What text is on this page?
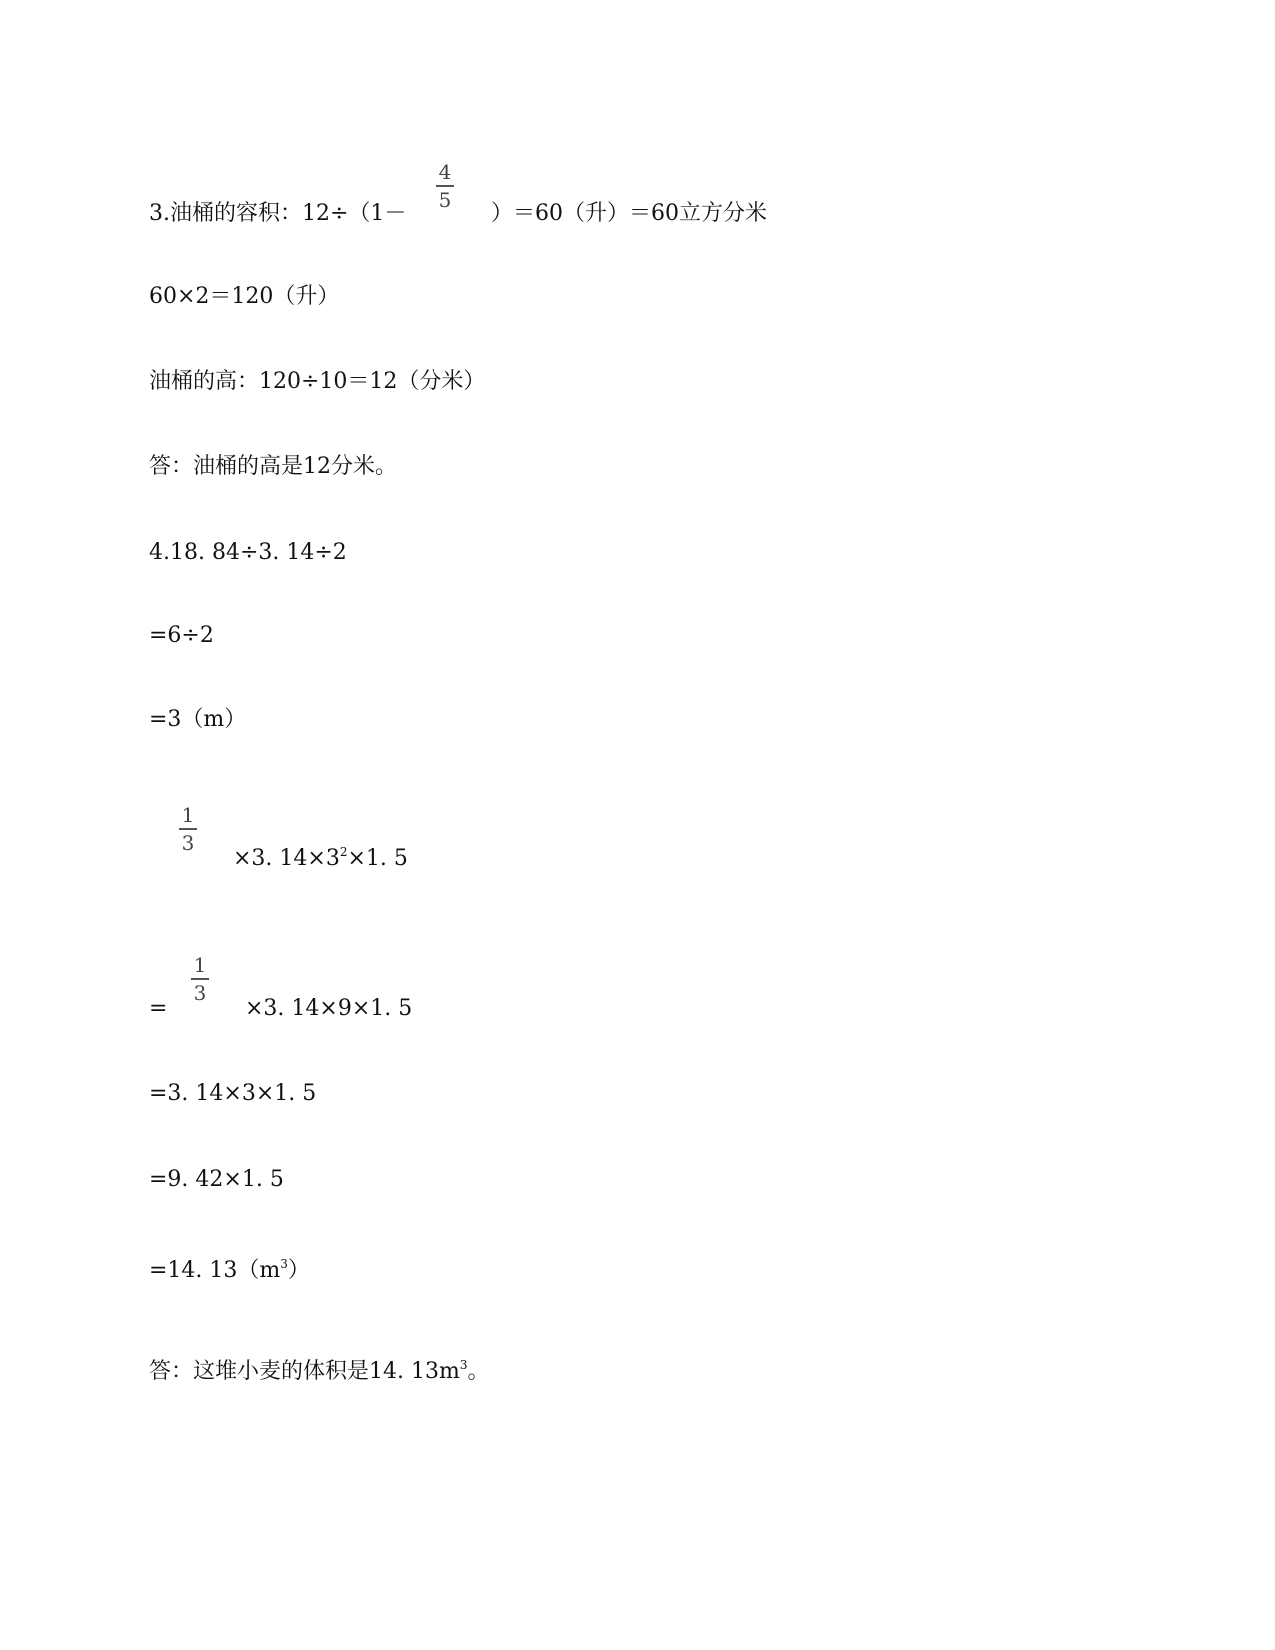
3.油桶的容积：12÷（1－
4
5
）＝60（升）＝60立方分米
60×2＝120（升）
油桶的高：120÷10＝12（分米）
答：油桶的高是12分米。
4.18. 84÷3. 14÷2
=6÷2
=3（m）
1
3
×3. $14\times 3^2\times 1$. 5
=
1
3
×3. 14×9×1. 5
=3. 14×3×1. 5
=9. 42×1. 5
=14. $13(m^3)$
答：这堆小麦的体积是14. $13m^3$。
